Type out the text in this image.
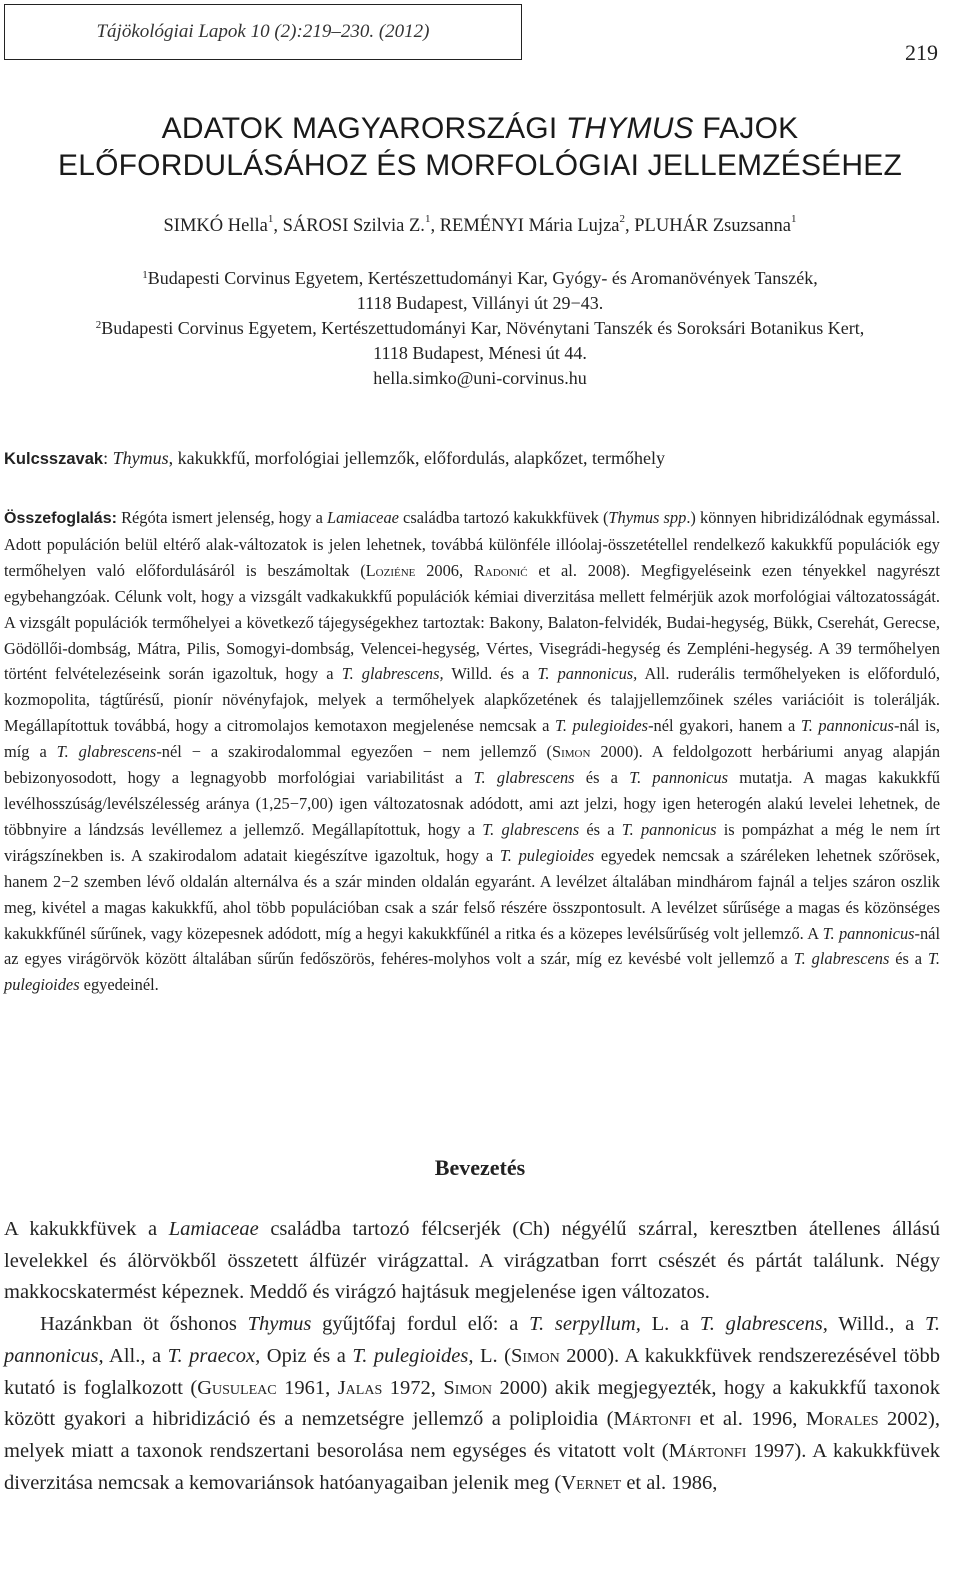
Tájökológiai Lapok 10 (2):219–230. (2012)
219
ADATOK MAGYARORSZÁGI THYMUS FAJOK
ELŐFORDULÁSÁHOZ ÉS MORFOLÓGIAI JELLEMZÉSÉHEZ
SIMKÓ Hella$^1$, SÁROSI Szilvia Z.$^1$, REMÉNYI Mária Lujza$^2$, PLUHÁR Zsuzsanna$^1$

$^1$Budapesti Corvinus Egyetem, Kertészettudományi Kar, Gyógy- és Aromanövények Tanszék,

1118 Budapest, Villányi út 29−43.

$^2$Budapesti Corvinus Egyetem, Kertészettudományi Kar, Növénytani Tanszék és Soroksári Botanikus Kert,

1118 Budapest, Ménesi út 44.

hella.simko@uni-corvinus.hu

Kulcsszavak: Thymus, kakukkfű, morfológiai jellemzők, előfordulás, alapkőzet, termőhely

Összefoglalás: Régóta ismert jelenség, hogy a Lamiaceae családba tartozó kakukkfüvek (Thymus spp.) könnyen hibridizálódnak egymással. Adott populáción belül eltérő alak-változatok is jelen lehetnek, továbbá különféle illóolaj-összetétellel rendelkező kakukkfű populációk egy termőhelyen való előfordulásáról is beszámoltak (Loziéne 2006, Radonić et al. 2008). Megfigyeléseink ezen tényekkel nagyrészt egybehangzóak. Célunk volt, hogy a vizsgált vadkakukkfű populációk kémiai diverzitása mellett felmérjük azok morfológiai változatosságát. A vizsgált populációk termőhelyei a következő tájegységekhez tartoztak: Bakony, Balaton-felvidék, Budai-hegység, Bükk, Cserehát, Gerecse, Gödöllői-dombság, Mátra, Pilis, Somogyi-dombság, Velencei-hegység, Vértes, Visegrádi-hegység és Zempléni-hegység. A 39 termőhelyen történt felvételezéseink során igazoltuk, hogy a T. glabrescens, Willd. és a T. pannonicus, All. ruderális termőhelyeken is előforduló, kozmopolita, tágtűrésű, pionír növényfajok, melyek a termőhelyek alapkőzetének és talajjellemzőinek széles variációit is tolerálják. Megállapítottuk továbbá, hogy a citromolajos kemotaxon megjelenése nemcsak a T. pulegioides-nél gyakori, hanem a T. pannonicus-nál is, míg a T. glabrescens-nél − a szakirodalommal egyezően − nem jellemző (Simon 2000). A feldolgozott herbáriumi anyag alapján bebizonyosodott, hogy a legnagyobb morfológiai variabilitást a T. glabrescens és a T. pannonicus mutatja. A magas kakukkfű levélhosszúság/levélszélesség aránya (1,25−7,00) igen változatosnak adódott, ami azt jelzi, hogy igen heterogén alakú levelei lehetnek, de többnyire a lándzsás levéllemez a jellemző. Megállapítottuk, hogy a T. glabrescens és a T. pannonicus is pompázhat a még le nem írt virágszínekben is. A szakirodalom adatait kiegészítve igazoltuk, hogy a T. pulegioides egyedek nemcsak a száréleken lehetnek szőrösek, hanem 2−2 szemben lévő oldalán alternálva és a szár minden oldalán egyaránt. A levélzet általában mindhárom fajnál a teljes száron oszlik meg, kivétel a magas kakukkfű, ahol több populációban csak a szár felső részére összpontosult. A levélzet sűrűsége a magas és közönséges kakukkfűnél sűrűnek, vagy közepesnek adódott, míg a hegyi kakukkfűnél a ritka és a közepes levélsűrűség volt jellemző. A T. pannonicus-nál az egyes virágörvök között általában sűrűn fedőszörös, fehéres-molyhos volt a szár, míg ez kevésbé volt jellemző a T. glabrescens és a T. pulegioides egyedeinél.

Bevezetés

A kakukkfüvek a Lamiaceae családba tartozó félcserjék (Ch) négyélű szárral, keresztben átellenes állású levelekkel és álörvökből összetett álfüzér virágzattal. A virágzatban forrt csészét és pártát találunk. Négy makkocskatermést képeznek. Meddő és virágzó hajtásuk megjelenése igen változatos.

Hazánkban öt őshonos Thymus gyűjtőfaj fordul elő: a T. serpyllum, L. a T. glabrescens, Willd., a T. pannonicus, All., a T. praecox, Opiz és a T. pulegioides, L. (Simon 2000). A kakukkfüvek rendszerezésével több kutató is foglalkozott (Gusuleac 1961, Jalas 1972, Simon 2000) akik megjegyezték, hogy a kakukkfű taxonok között gyakori a hibridizáció és a nemzetségre jellemző a poliploidia (Mártonfi et al. 1996, Morales 2002), melyek miatt a taxonok rendszertani besorolása nem egységes és vitatott volt (Mártonfi 1997). A kakukkfüvek diverzitása nemcsak a kemovariánsok hatóanyagaiban jelenik meg (Vernet et al. 1986,
